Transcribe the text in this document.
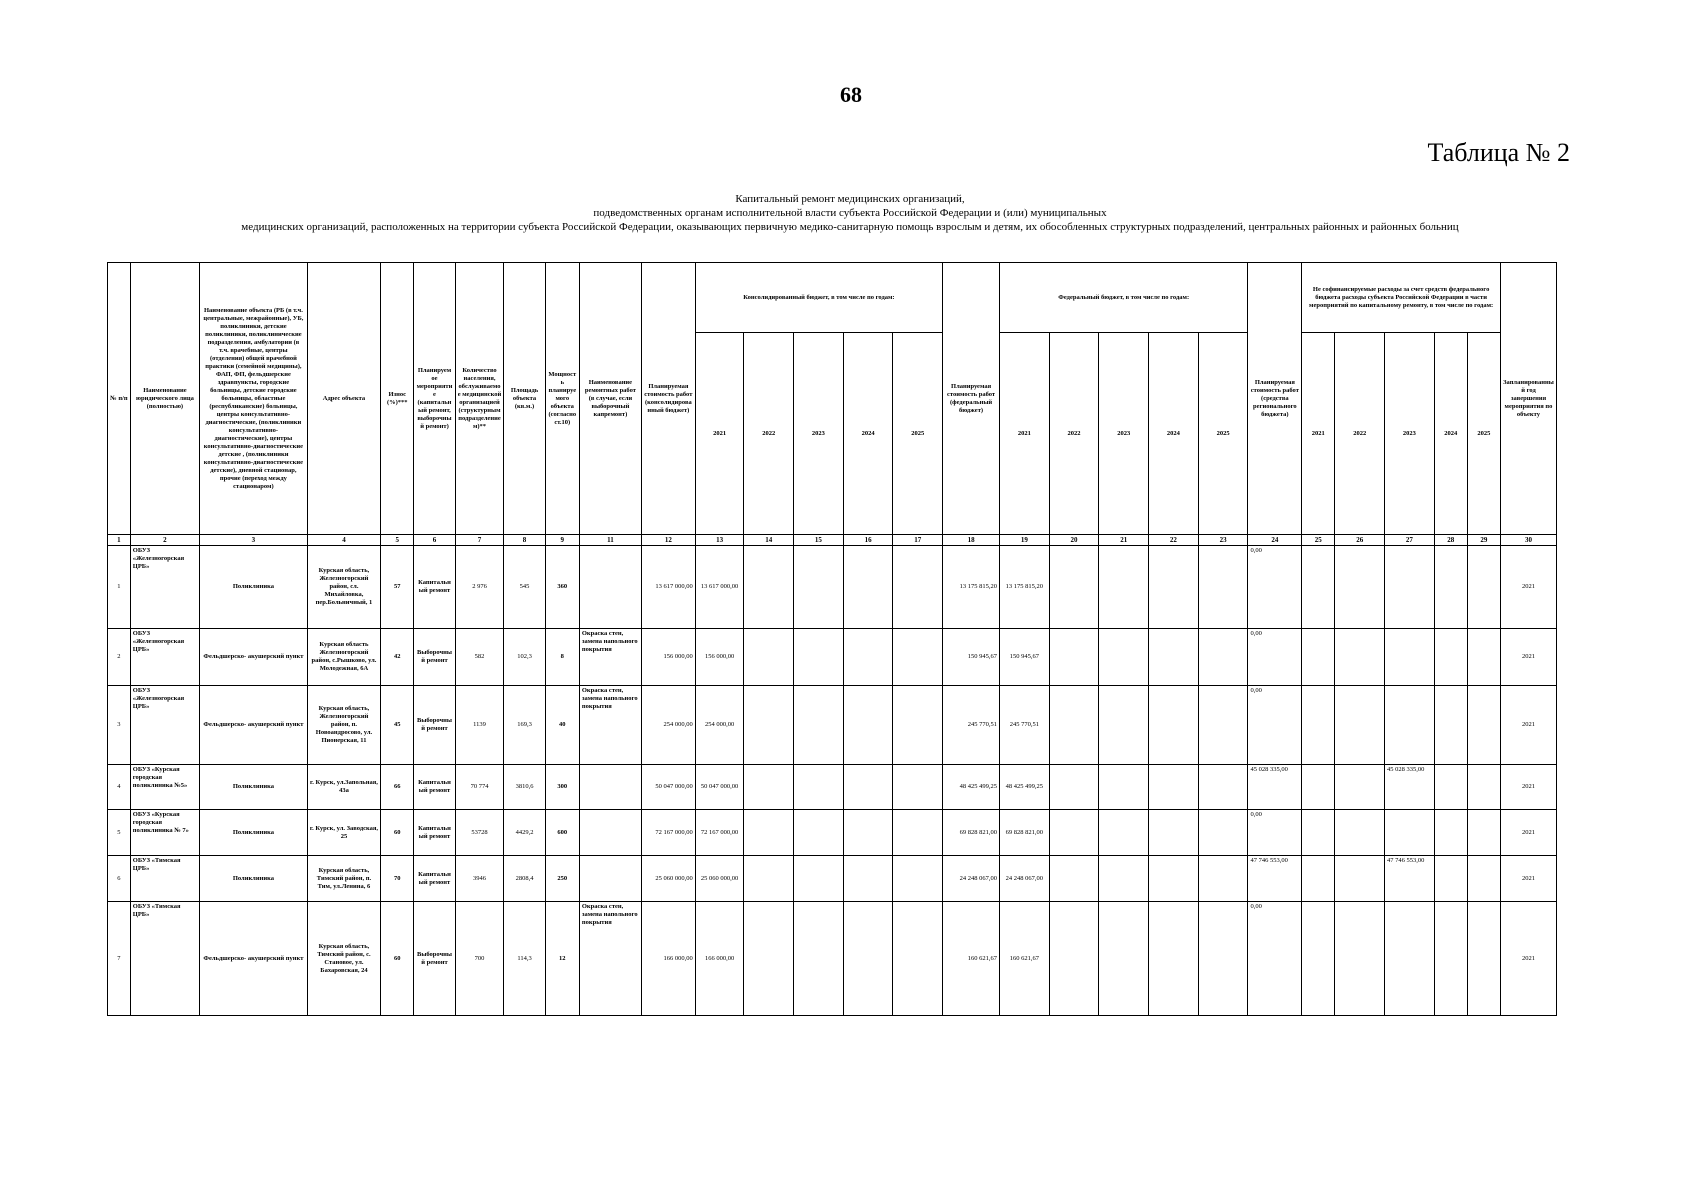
68
Таблица № 2
Капитальный ремонт медицинских организаций,
подведомственных органам исполнительной власти субъекта Российской Федерации и (или) муниципальных
медицинских организаций, расположенных на территории субъекта Российской Федерации, оказывающих первичную медико-санитарную помощь взрослым и детям, их обособленных структурных подразделений, центральных районных и районных больниц
№ п/п	Наименование юридического лица (полностью)	Наименование объекта (РБ (в т.ч. центральные, межрайонные), УБ, поликлиники, детские поликлиники, поликлинические подразделения, амбулатории (в т.ч. врачебные, центры (отделения) общей врачебной практики (семейной медицины), ФАП, ФП, фельдшерские здравпункты, городские больницы, детские городские больницы, областные (республиканские) больницы, центры консультативно-диагностические, (поликлиники консультативно-диагностические), центры консультативно-диагностические детские , (поликлиники консультативно-диагностические детские), дневной стационар, прочие (переход между стационаром)	Адрес объекта	Износ (%)***	Планируемое мероприятие (капитальный ремонт, выборочный ремонт)	Количество населения, обслуживаемое медицинской организацией (структурным подразделением)**	Площадь объекта (кв.м.)	Мощность планируемого объекта (согласно ст.10)	Наименование ремонтных работ (в случае, если выборочный капремонт)	Планируемая стоимость работ (консолидированный бюджет)	Консолидированный бюджет, в том числе по годам:					Планируемая стоимость работ (федеральный бюджет)	Федеральный бюджет, в том числе по годам:					Планируемая стоимость работ (средства регионального бюджета)	Не софинансируемые расходы за счет средств федерального бюджета расходы субъекта Российской Федерации в части мероприятий по капитальному ремонту, в том числе по годам:					Запланированный год завершения мероприятия по объекту
											2021	2022	2023	2024	2025		2021	2022	2023	2024	2025		2021	2022	2023	2024	2025	
1	2	3	4	5	6	7	8	9	11	12	13	14	15	16	17	18	19	20	21	22	23	24	25	26	27	28	29	30
1	ОБУЗ «Железногорская ЦРБ»	Поликлиника	Курская область, Железногорский район, сл. Михайловка, пер.Больничный, 1	57	Капитальный ремонт	2 976	545	360		13 617 000,00	13 617 000,00					13 175 815,20	13 175 815,20					0,00						2021
2	ОБУЗ «Железногорская ЦРБ»	Фельдшерско- акушерский пункт	Курская область Железногорский район, с.Рышково, ул. Молодежная, 6А	42	Выборочный ремонт	582	102,3	8	Окраска стен, замена напольного покрытия	156 000,00	156 000,00					150 945,67	150 945,67					0,00						2021
3	ОБУЗ «Железногорская ЦРБ»	Фельдшерско- акушерский пункт	Курская область, Железногорский район, п. Новоандросово, ул. Пионерская, 11	45	Выборочный ремонт	1139	169,3	40	Окраска стен, замена напольного покрытия	254 000,00	254 000,00					245 770,51	245 770,51					0,00						2021
4	ОБУЗ «Курская городская поликлиника №5»	Поликлиника	г. Курск, ул.Запольная, 43а	66	Капитальный ремонт	70 774	3810,6	300		50 047 000,00	50 047 000,00					48 425 499,25	48 425 499,25					45 028 335,00			45 028 335,00			2021
5	ОБУЗ «Курская городская поликлиника № 7»	Поликлиника	г. Курск, ул. Заводская, 25	60	Капитальный ремонт	53728	4429,2	600		72 167 000,00	72 167 000,00					69 828 821,00	69 828 821,00					0,00						2021
6	ОБУЗ «Тимская ЦРБ»	Поликлиника	Курская область, Тимский район, п. Тим, ул.Ленина, 6	70	Капитальный ремонт	3946	2808,4	250		25 060 000,00	25 060 000,00					24 248 067,00	24 248 067,00					47 746 553,00			47 746 553,00			2021
7	ОБУЗ «Тимская ЦРБ»	Фельдшерско- акушерский пункт	Курская область, Тимский район, с. Становое, ул. Бахаровская, 24	60	Выборочный ремонт	700	114,3	12	Окраска стен, замена напольного покрытия	166 000,00	166 000,00					160 621,67	160 621,67					0,00						2021
